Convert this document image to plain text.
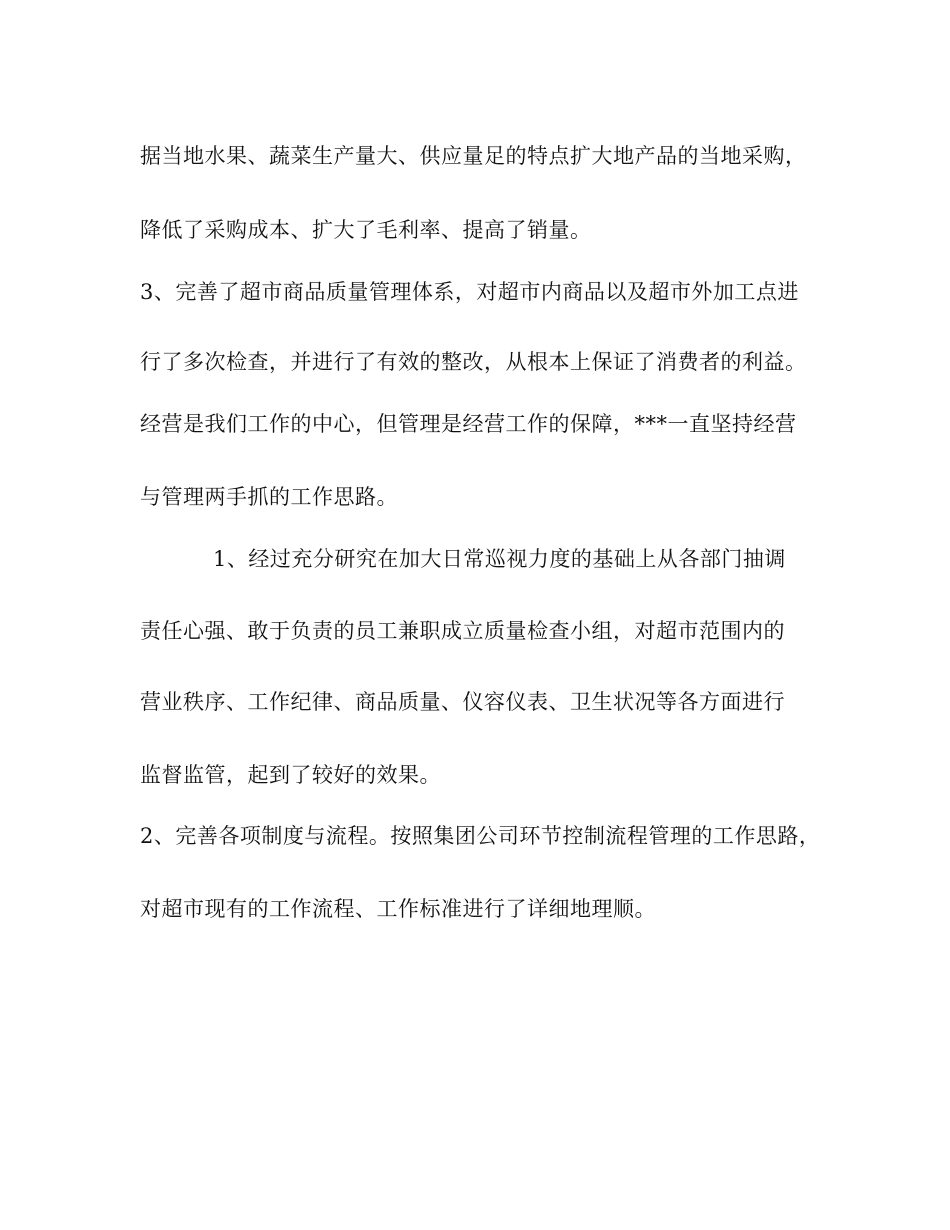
据当地水果、蔬菜生产量大、供应量足的特点扩大地产品的当地采购，
降低了采购成本、扩大了毛利率、提高了销量。
3、完善了超市商品质量管理体系，对超市内商品以及超市外加工点进
行了多次检查，并进行了有效的整改，从根本上保证了消费者的利益。
经营是我们工作的中心，但管理是经营工作的保障，***一直坚持经营
与管理两手抓的工作思路。
1、经过充分研究在加大日常巡视力度的基础上从各部门抽调
责任心强、敢于负责的员工兼职成立质量检查小组，对超市范围内的
营业秩序、工作纪律、商品质量、仪容仪表、卫生状况等各方面进行
监督监管，起到了较好的效果。
2、完善各项制度与流程。按照集团公司环节控制流程管理的工作思路，
对超市现有的工作流程、工作标准进行了详细地理顺。
